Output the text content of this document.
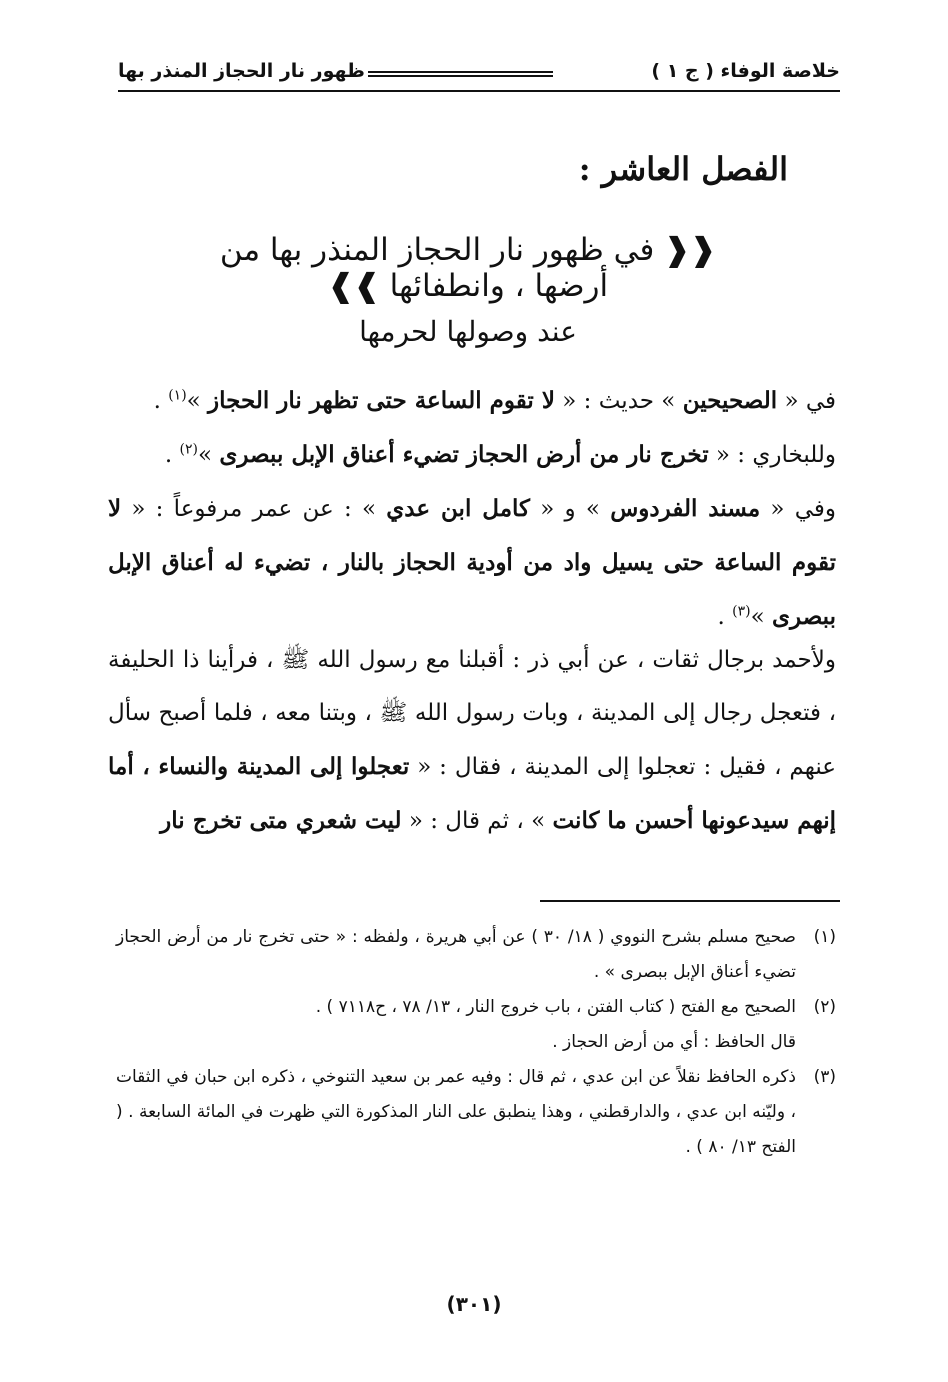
خلاصة الوفاء ( ج ١ )
ظهور نار الحجاز المنذر بها
الفصل العاشر :
❰❰ في ظهور نار الحجاز المنذر بها من أرضها ، وانطفائها ❱❱
عند وصولها لحرمها
في « الصحيحين » حديث : « لا تقوم الساعة حتى تظهر نار الحجاز »$^{(١)}$ .
وللبخاري : « تخرج نار من أرض الحجاز تضيء أعناق الإبل ببصرى »$^{(٢)}$ .
وفي « مسند الفردوس » و « كامل ابن عدي » : عن عمر مرفوعاً : « لا تقوم الساعة حتى يسيل واد من أودية الحجاز بالنار ، تضيء له أعناق الإبل ببصرى »$^{(٣)}$ .
ولأحمد برجال ثقات ، عن أبي ذر : أقبلنا مع رسول الله ﷺ ، فرأينا ذا الحليفة ، فتعجل رجال إلى المدينة ، وبات رسول الله ﷺ ، وبتنا معه ، فلما أصبح سأل عنهم ، فقيل : تعجلوا إلى المدينة ، فقال : « تعجلوا إلى المدينة والنساء ، أما إنهم سيدعونها أحسن ما كانت » ، ثم قال : « ليت شعري متى تخرج نار
(١)
صحيح مسلم بشرح النووي ( ١٨/ ٣٠ ) عن أبي هريرة ، ولفظه : « حتى تخرج نار من أرض الحجاز تضيء أعناق الإبل ببصرى » .
(٢)
الصحيح مع الفتح ( كتاب الفتن ، باب خروج النار ، ١٣/ ٧٨ ، ح٧١١٨ ) .
قال الحافظ : أي من أرض الحجاز .
(٣)
ذكره الحافظ نقلاً عن ابن عدي ، ثم قال : وفيه عمر بن سعيد التنوخي ، ذكره ابن حبان في الثقات ، وليّنه ابن عدي ، والدارقطني ، وهذا ينطبق على النار المذكورة التي ظهرت في المائة السابعة . ( الفتح ١٣/ ٨٠ ) .
(٣٠١)
